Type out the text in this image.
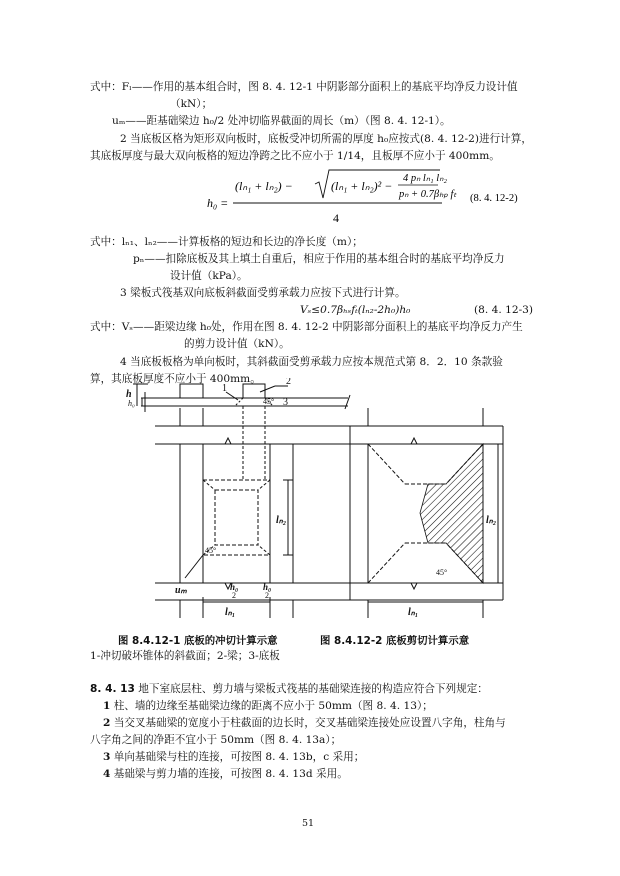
式中：Fₗ——作用的基本组合时，图 8. 4. 12-1 中阴影部分面积上的基底平均净反力设计值
（kN）；
uₘ——距基础梁边 h₀/2 处冲切临界截面的周长（m）（图 8. 4. 12-1）。
2 当底板区格为矩形双向板时，底板受冲切所需的厚度 h₀应按式(8. 4. 12-2)进行计算，
其底板厚度与最大双向板格的短边净跨之比不应小于 1/14，且板厚不应小于 400mm。
h₀ =
(lₙ₁ + lₙ₂) −	(lₙ₁ + lₙ₂)² −
4 pₙ lₙ₁ lₙ₂
pₙ + 0.7βₕₚ fₜ
4
(8. 4. 12-2)
式中：lₙ₁、lₙ₂——计算板格的短边和长边的净长度（m）；
pₙ——扣除底板及其上填土自重后，相应于作用的基本组合时的基底平均净反力
设计值（kPa）。
3 梁板式筏基双向底板斜截面受剪承载力应按下式进行计算。
Vₛ≤0.7βₕₛfₜ(lₙ₂-2h₀)h₀	(8. 4. 12-3)
式中：Vₛ——距梁边缘 h₀处，作用在图 8. 4. 12-2 中阴影部分面积上的基底平均净反力产生
的剪力设计值（kN）。
4 当底板板格为单向板时，其斜截面受剪承载力应按本规范式第 8．2．10 条款验
算，其底板厚度不应小于 400mm。
1
2
3
h
h₀	45°
45°
45°
uₘ	h₀
2
h₀
2
lₙ₁
lₙ₂
lₙ₁
lₙ₂
图 8.4.12-1 底板的冲切计算示意	图 8.4.12-2 底板剪切计算示意
1-冲切破坏锥体的斜截面；2-梁；3-底板
8. 4. 13 地下室底层柱、剪力墙与梁板式筏基的基础梁连接的构造应符合下列规定：
1 柱、墙的边缘至基础梁边缘的距离不应小于 50mm（图 8. 4. 13）；
2 当交叉基础梁的宽度小于柱截面的边长时，交叉基础梁连接处应设置八字角，柱角与
八字角之间的净距不宜小于 50mm（图 8. 4. 13a）；
3 单向基础梁与柱的连接，可按图 8. 4. 13b，c 采用；
4 基础梁与剪力墙的连接，可按图 8. 4. 13d 采用。
51
